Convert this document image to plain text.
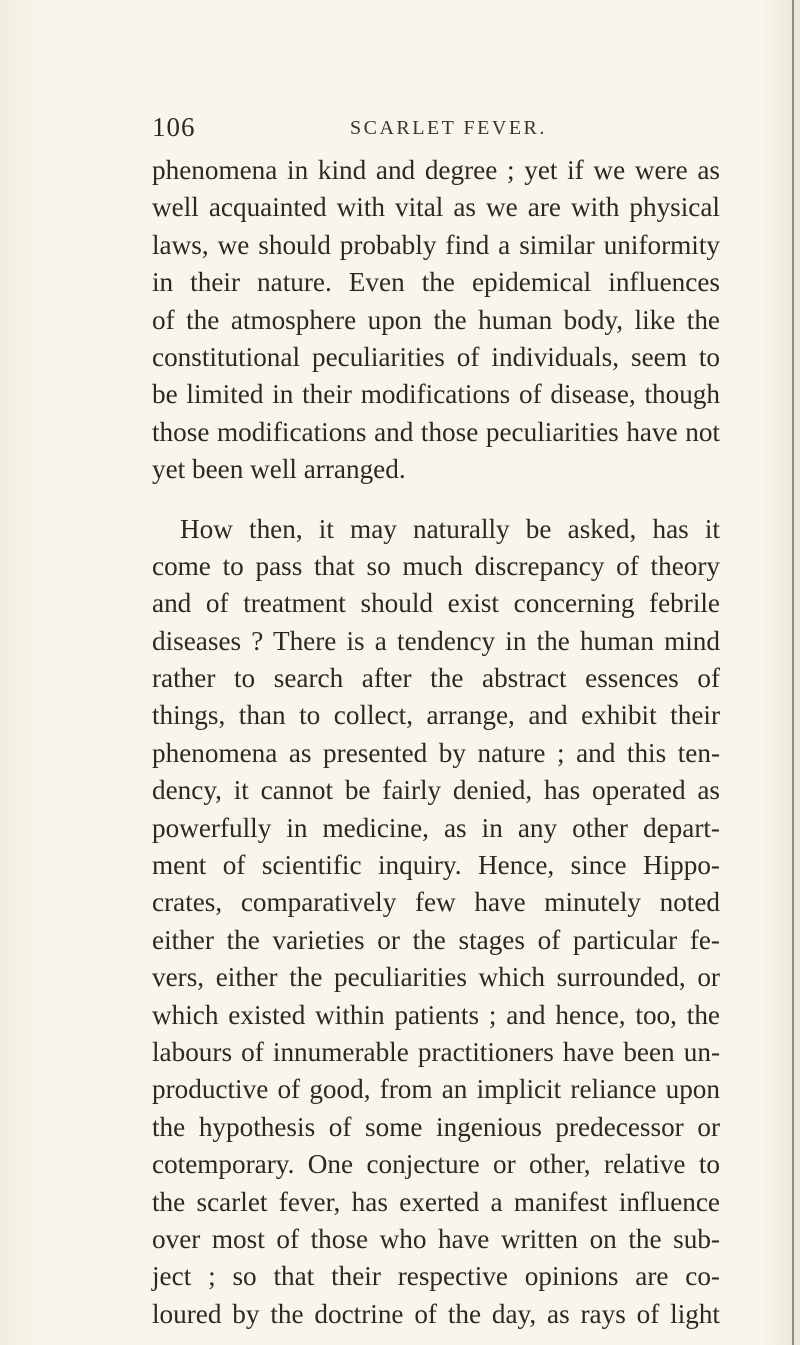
106	SCARLET FEVER.
phenomena in kind and degree ; yet if we were as
well acquainted with vital as we are with physical
laws, we should probably find a similar uniformity
in their nature. Even the epidemical influences
of the atmosphere upon the human body, like the
constitutional peculiarities of individuals, seem to
be limited in their modifications of disease, though
those modifications and those peculiarities have not
yet been well arranged.
How then, it may naturally be asked, has it
come to pass that so much discrepancy of theory
and of treatment should exist concerning febrile
diseases ? There is a tendency in the human mind
rather to search after the abstract essences of
things, than to collect, arrange, and exhibit their
phenomena as presented by nature ; and this ten-
dency, it cannot be fairly denied, has operated as
powerfully in medicine, as in any other depart-
ment of scientific inquiry. Hence, since Hippo-
crates, comparatively few have minutely noted
either the varieties or the stages of particular fe-
vers, either the peculiarities which surrounded, or
which existed within patients ; and hence, too, the
labours of innumerable practitioners have been un-
productive of good, from an implicit reliance upon
the hypothesis of some ingenious predecessor or
cotemporary. One conjecture or other, relative to
the scarlet fever, has exerted a manifest influence
over most of those who have written on the sub-
ject ; so that their respective opinions are co-
loured by the doctrine of the day, as rays of light
